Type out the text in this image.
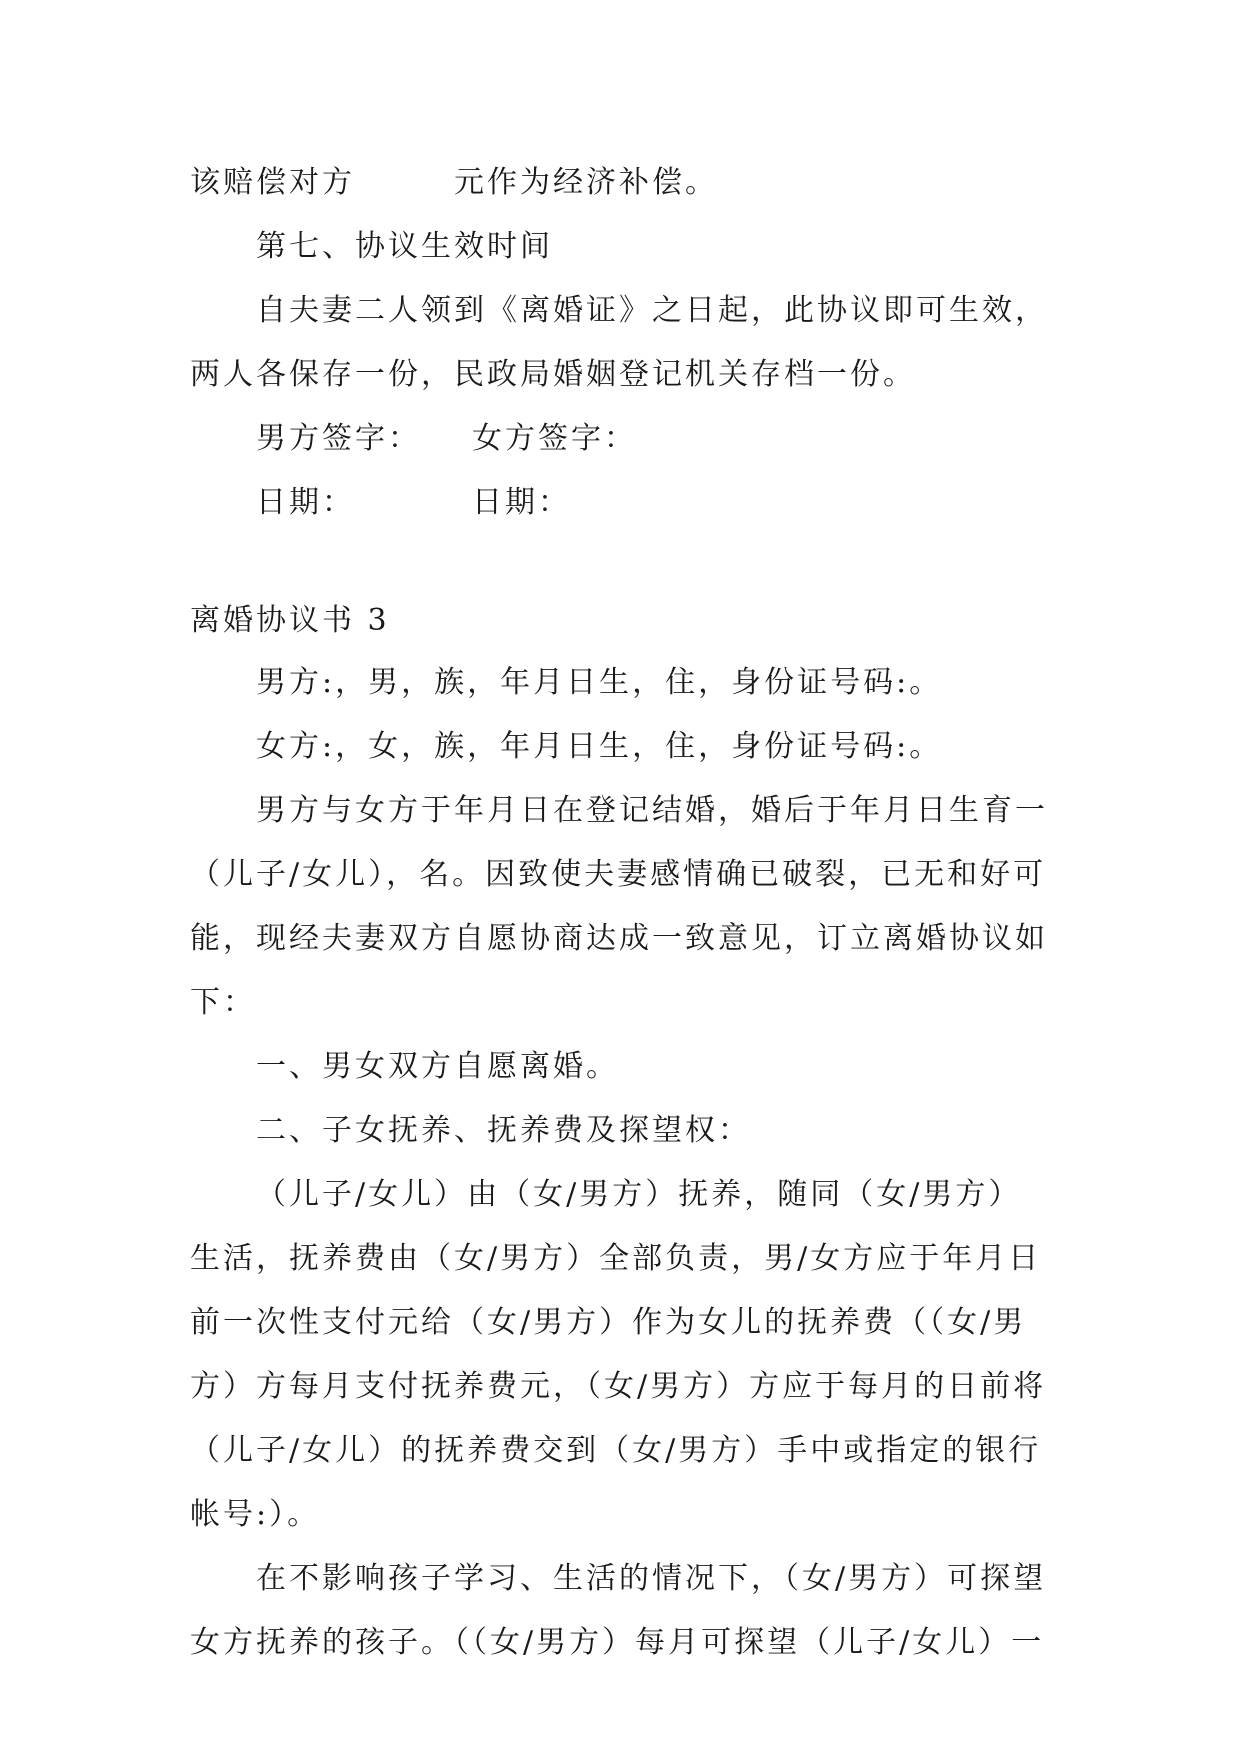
该赔偿对方　　　元作为经济补偿。

第七、协议生效时间

自夫妻二人领到《离婚证》之日起，此协议即可生效，

两人各保存一份，民政局婚姻登记机关存档一份。

男方签字：　　女方签字：

日期：　　　　日期：

离婚协议书 3

男方:，男，族，年月日生，住，身份证号码:。

女方:，女，族，年月日生，住，身份证号码:。

男方与女方于年月日在登记结婚，婚后于年月日生育一

（儿子/女儿），名。因致使夫妻感情确已破裂，已无和好可

能，现经夫妻双方自愿协商达成一致意见，订立离婚协议如

下：

一、男女双方自愿离婚。

二、子女抚养、抚养费及探望权：

（儿子/女儿）由（女/男方）抚养，随同（女/男方）

生活，抚养费由（女/男方）全部负责，男/女方应于年月日

前一次性支付元给（女/男方）作为女儿的抚养费（（女/男

方）方每月支付抚养费元，（女/男方）方应于每月的日前将

（儿子/女儿）的抚养费交到（女/男方）手中或指定的银行

帐号:）。

在不影响孩子学习、生活的情况下，（女/男方）可探望

女方抚养的孩子。（（女/男方）每月可探望（儿子/女儿）一
